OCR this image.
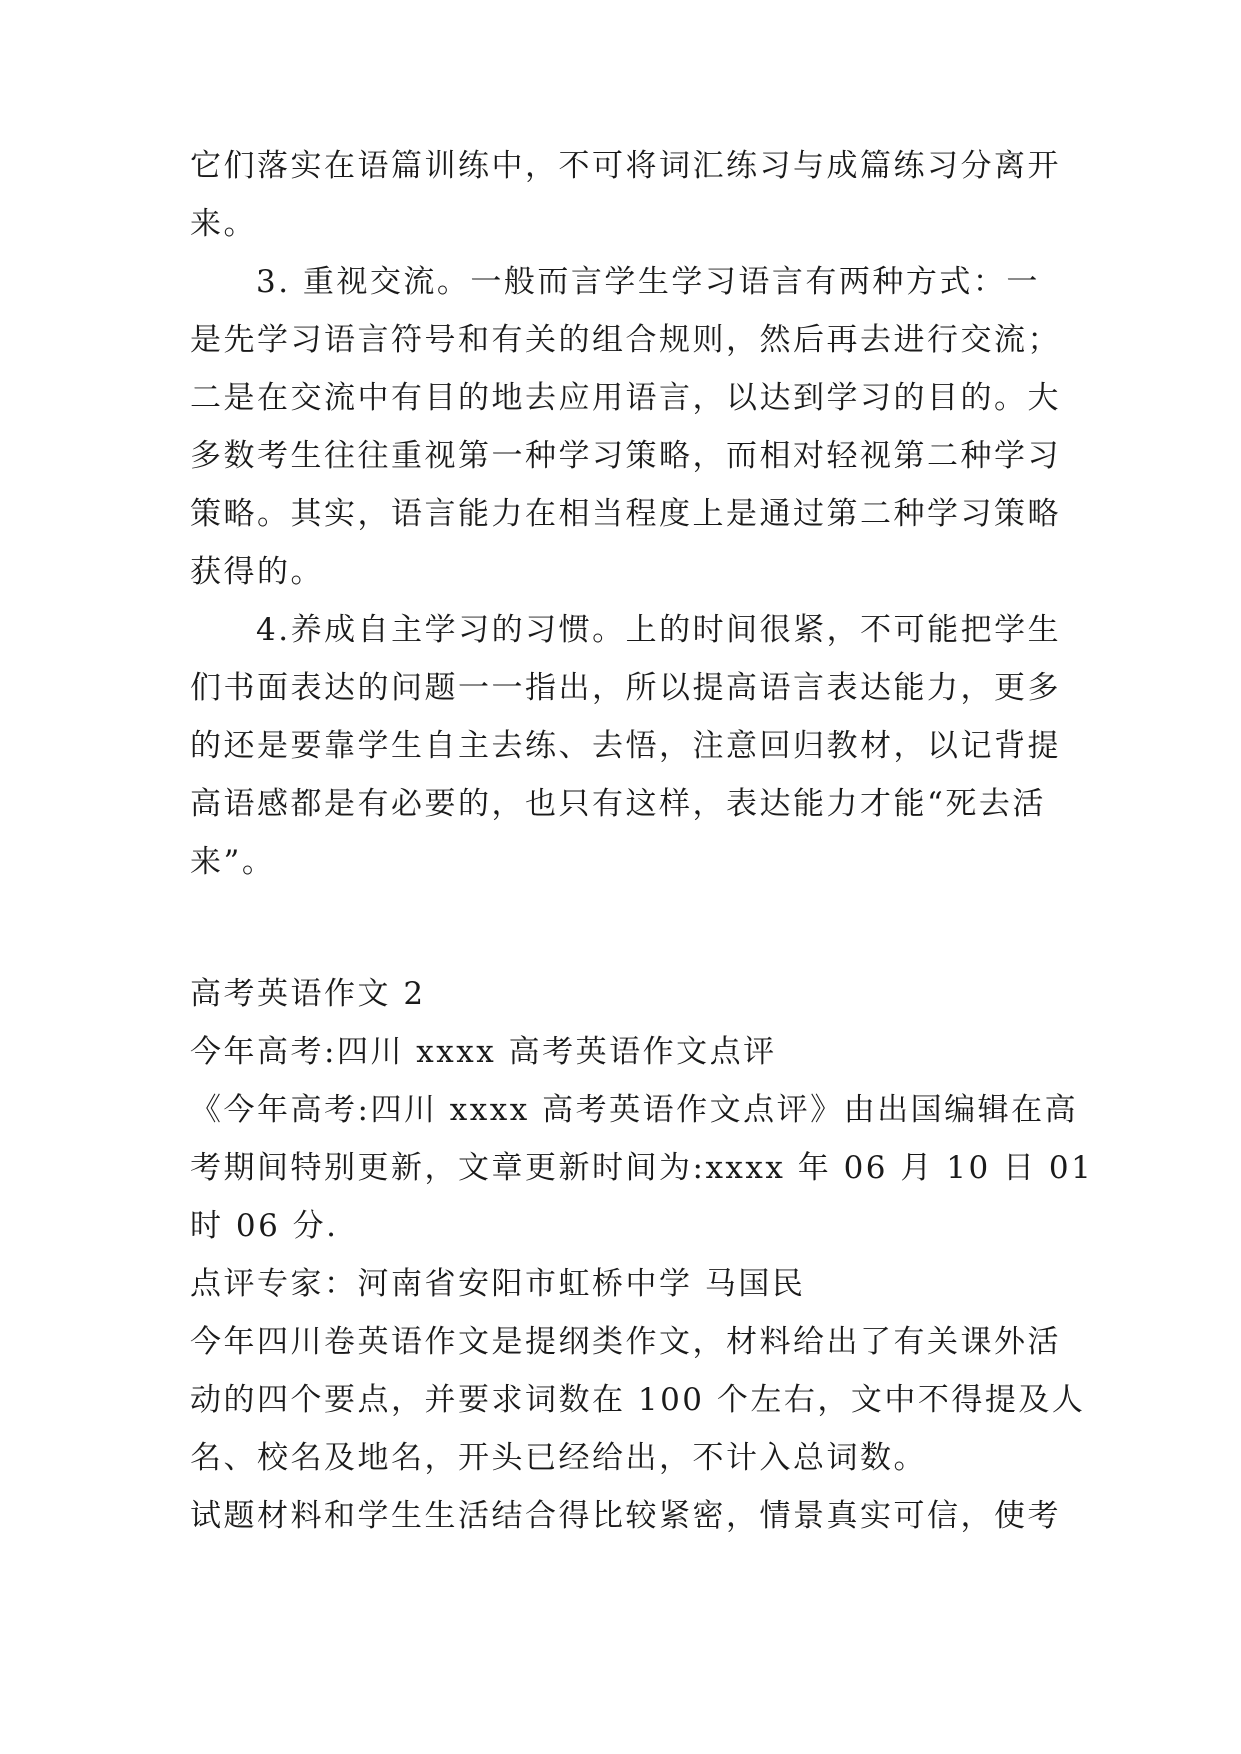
它们落实在语篇训练中，不可将词汇练习与成篇练习分离开
来。
3. 重视交流。一般而言学生学习语言有两种方式：一
是先学习语言符号和有关的组合规则，然后再去进行交流；
二是在交流中有目的地去应用语言，以达到学习的目的。大
多数考生往往重视第一种学习策略，而相对轻视第二种学习
策略。其实，语言能力在相当程度上是通过第二种学习策略
获得的。
4.养成自主学习的习惯。上的时间很紧，不可能把学生
们书面表达的问题一一指出，所以提高语言表达能力，更多
的还是要靠学生自主去练、去悟，注意回归教材，以记背提
高语感都是有必要的，也只有这样，表达能力才能“死去活
来”。
高考英语作文 2
今年高考:四川 xxxx 高考英语作文点评
《今年高考:四川 xxxx 高考英语作文点评》由出国编辑在高
考期间特别更新，文章更新时间为:xxxx 年 06 月 10 日 01
时 06 分.
点评专家：河南省安阳市虹桥中学 马国民
今年四川卷英语作文是提纲类作文，材料给出了有关课外活
动的四个要点，并要求词数在 100 个左右，文中不得提及人
名、校名及地名，开头已经给出，不计入总词数。
试题材料和学生生活结合得比较紧密，情景真实可信，使考
